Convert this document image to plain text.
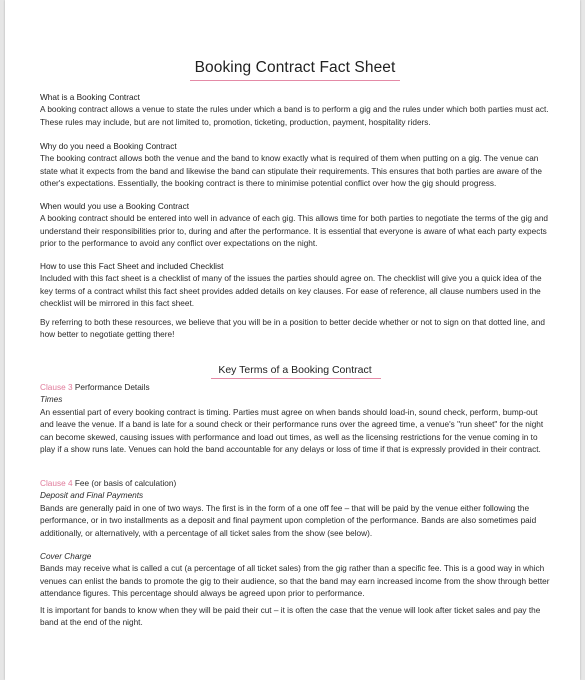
Booking Contract Fact Sheet

What is a Booking Contract

A booking contract allows a venue to state the rules under which a band is to perform a gig and the rules under which both parties must act. These rules may include, but are not limited to, promotion, ticketing, production, payment, hospitality riders.

Why do you need a Booking Contract

The booking contract allows both the venue and the band to know exactly what is required of them when putting on a gig. The venue can state what it expects from the band and likewise the band can stipulate their requirements. This ensures that both parties are aware of the other's expectations. Essentially, the booking contract is there to minimise potential conflict over how the gig should progress.

When would you use a Booking Contract

A booking contract should be entered into well in advance of each gig. This allows time for both parties to negotiate the terms of the gig and understand their responsibilities prior to, during and after the performance. It is essential that everyone is aware of what each party expects prior to the performance to avoid any conflict over expectations on the night.

How to use this Fact Sheet and included Checklist

Included with this fact sheet is a checklist of many of the issues the parties should agree on. The checklist will give you a quick idea of the key terms of a contract whilst this fact sheet provides added details on key clauses. For ease of reference, all clause numbers used in the checklist will be mirrored in this fact sheet.

By referring to both these resources, we believe that you will be in a position to better decide whether or not to sign on that dotted line, and how better to negotiate getting there!

Key Terms of a Booking Contract

Clause 3 Performance Details

Times

An essential part of every booking contract is timing. Parties must agree on when bands should load-in, sound check, perform, bump-out and leave the venue. If a band is late for a sound check or their performance runs over the agreed time, a venue's "run sheet" for the night can become skewed, causing issues with performance and load out times, as well as the licensing restrictions for the venue coming in to play if a show runs late. Venues can hold the band accountable for any delays or loss of time if that is expressly provided in their contract.

Clause 4 Fee (or basis of calculation)

Deposit and Final Payments

Bands are generally paid in one of two ways. The first is in the form of a one off fee – that will be paid by the venue either following the performance, or in two installments as a deposit and final payment upon completion of the performance. Bands are also sometimes paid additionally, or alternatively, with a percentage of all ticket sales from the show (see below).

Cover Charge

Bands may receive what is called a cut (a percentage of all ticket sales) from the gig rather than a specific fee. This is a good way in which venues can enlist the bands to promote the gig to their audience, so that the band may earn increased income from the show through better attendance figures. This percentage should always be agreed upon prior to performance.

It is important for bands to know when they will be paid their cut – it is often the case that the venue will look after ticket sales and pay the band at the end of the night.
